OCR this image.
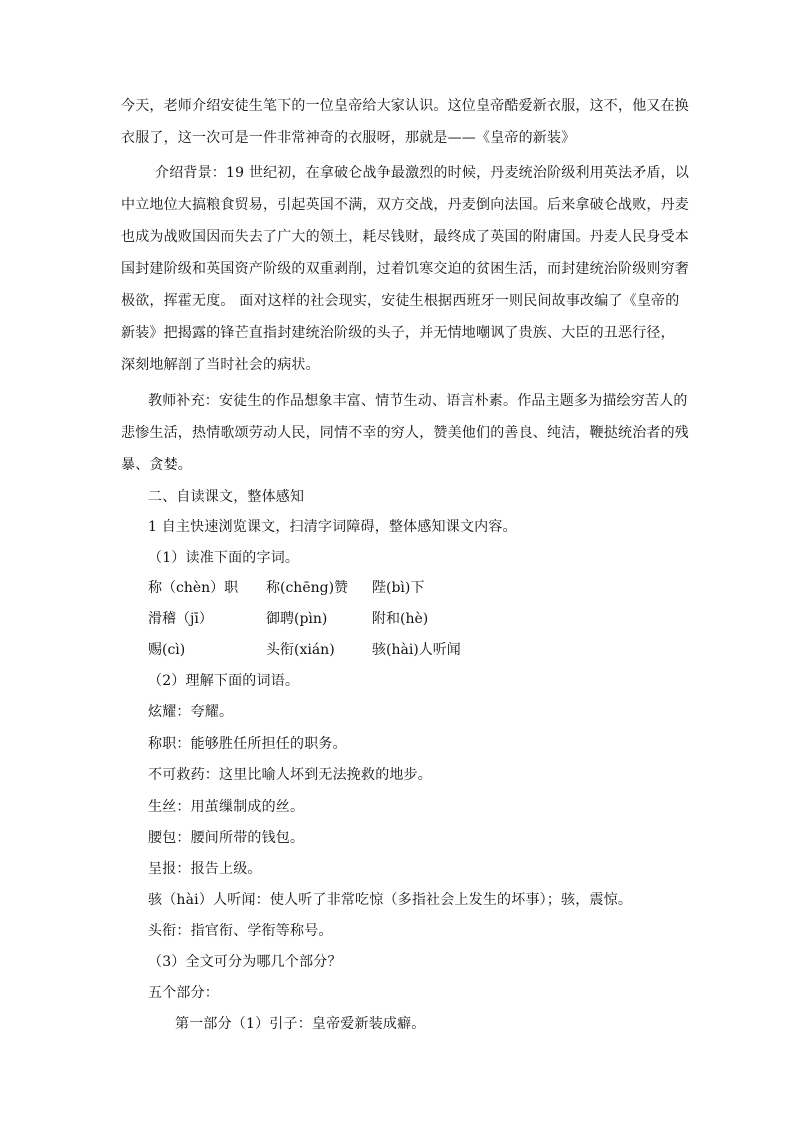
今天，老师介绍安徒生笔下的一位皇帝给大家认识。这位皇帝酷爱新衣服，这不，他又在换
衣服了，这一次可是一件非常神奇的衣服呀，那就是——《皇帝的新装》
介绍背景：19 世纪初，在拿破仑战争最激烈的时候，丹麦统治阶级利用英法矛盾，以
中立地位大搞粮食贸易，引起英国不满，双方交战，丹麦倒向法国。后来拿破仑战败，丹麦
也成为战败国因而失去了广大的领土，耗尽钱财，最终成了英国的附庸国。丹麦人民身受本
国封建阶级和英国资产阶级的双重剥削，过着饥寒交迫的贫困生活，而封建统治阶级则穷奢
极欲，挥霍无度。 面对这样的社会现实，安徒生根据西班牙一则民间故事改编了《皇帝的
新装》把揭露的锋芒直指封建统治阶级的头子，并无情地嘲讽了贵族、大臣的丑恶行径，
深刻地解剖了当时社会的病状。
教师补充：安徒生的作品想象丰富、情节生动、语言朴素。作品主题多为描绘穷苦人的
悲惨生活，热情歌颂劳动人民，同情不幸的穷人，赞美他们的善良、纯洁，鞭挞统治者的残
暴、贪婪。
二、自读课文，整体感知
1 自主快速浏览课文，扫清字词障碍，整体感知课文内容。
（1）读准下面的字词。
称（chèn）职 称(chēng)赞 陛(bì)下
滑稽（jī）	御聘(pìn)	附和(hè)
赐(cì)	头衔(xián)	骇(hài)人听闻
（2）理解下面的词语。
炫耀：夸耀。
称职：能够胜任所担任的职务。
不可救药：这里比喻人坏到无法挽救的地步。
生丝：用茧缫制成的丝。
腰包：腰间所带的钱包。
呈报：报告上级。
骇（hài）人听闻：使人听了非常吃惊（多指社会上发生的坏事）；骇，震惊。
头衔：指官衔、学衔等称号。
（3）全文可分为哪几个部分？
五个部分：
第一部分（1）引子：皇帝爱新装成癖。
